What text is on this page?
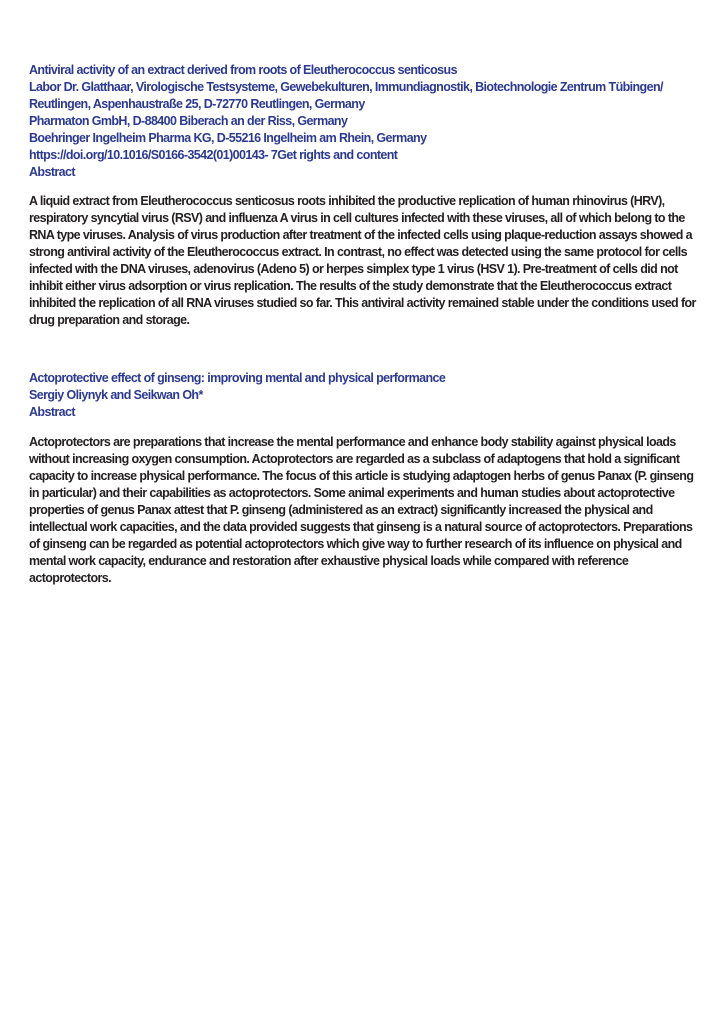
Antiviral activity of an extract derived from roots of Eleutherococcus senticosus
Labor Dr. Glatthaar, Virologische Testsysteme, Gewebekulturen, Immundiagnostik, Biotechnologie Zentrum Tübingen/
Reutlingen, Aspenhaustraße 25, D-72770 Reutlingen, Germany
Pharmaton GmbH, D-88400 Biberach an der Riss, Germany
Boehringer Ingelheim Pharma KG, D-55216 Ingelheim am Rhein, Germany
https://doi.org/10.1016/S0166-3542(01)00143- 7Get rights and content
Abstract
A liquid extract from Eleutherococcus senticosus roots inhibited the productive replication of human rhinovirus (HRV), respiratory syncytial virus (RSV) and influenza A virus in cell cultures infected with these viruses, all of which belong to the RNA type viruses. Analysis of virus production after treatment of the infected cells using plaque-reduction assays showed a strong antiviral activity of the Eleutherococcus extract. In contrast, no effect was detected using the same protocol for cells infected with the DNA viruses, adenovirus (Adeno 5) or herpes simplex type 1 virus (HSV 1). Pre-treatment of cells did not inhibit either virus adsorption or virus replication. The results of the study demonstrate that the Eleutherococcus extract inhibited the replication of all RNA viruses studied so far. This antiviral activity remained stable under the conditions used for drug preparation and storage.
Actoprotective effect of ginseng: improving mental and physical performance
Sergiy Oliynyk and Seikwan Oh*
Abstract
Actoprotectors are preparations that increase the mental performance and enhance body stability against physical loads without increasing oxygen consumption. Actoprotectors are regarded as a subclass of adaptogens that hold a significant capacity to increase physical performance. The focus of this article is studying adaptogen herbs of genus Panax (P. ginseng in particular) and their capabilities as actoprotectors. Some animal experiments and human studies about actoprotective properties of genus Panax attest that P. ginseng (administered as an extract) significantly increased the physical and intellectual work capacities, and the data provided suggests that ginseng is a natural source of actoprotectors. Preparations of ginseng can be regarded as potential actoprotectors which give way to further research of its influence on physical and mental work capacity, endurance and restoration after exhaustive physical loads while compared with reference actoprotectors.
